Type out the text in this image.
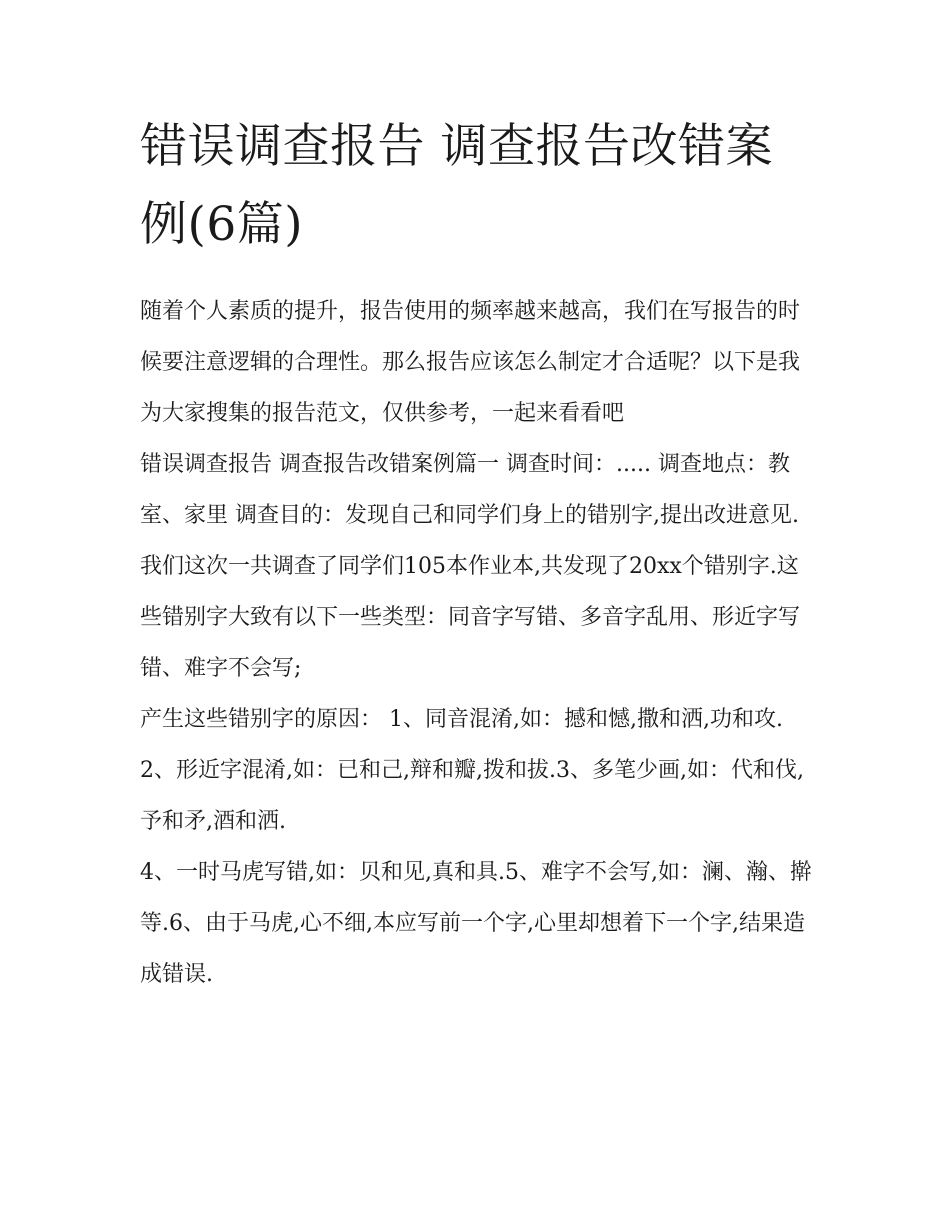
错误调查报告 调查报告改错案例(6篇)

随着个人素质的提升，报告使用的频率越来越高，我们在写报告的时候要注意逻辑的合理性。那么报告应该怎么制定才合适呢？以下是我为大家搜集的报告范文，仅供参考，一起来看看吧

错误调查报告 调查报告改错案例篇一 调查时间：..... 调查地点：教室、家里 调查目的：发现自己和同学们身上的错别字,提出改进意见.

我们这次一共调查了同学们105本作业本,共发现了20xx个错别字.这些错别字大致有以下一些类型：同音字写错、多音字乱用、形近字写错、难字不会写;

产生这些错别字的原因： 1、同音混淆,如：撼和憾,撒和洒,功和攻.2、形近字混淆,如：已和己,辩和瓣,拨和拔.3、多笔少画,如：代和伐,予和矛,酒和洒.

4、一时马虎写错,如：贝和见,真和具.5、难字不会写,如：澜、瀚、擀等.6、由于马虎,心不细,本应写前一个字,心里却想着下一个字,结果造成错误.
